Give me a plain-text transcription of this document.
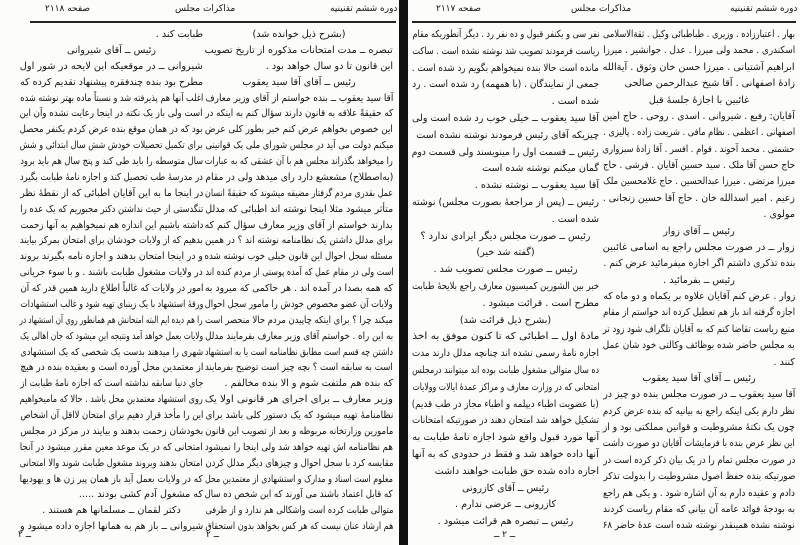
صفحه ۲۱۱۸	مذاکرات مجلس	دوره ششم تقنینیه
(بشرح ذیل خوانده شد)
تبصره ــ مدت امتحانات مذکوره از تاریخ تصویب
این قانون تا دو سال خواهد بود .
رئیس ــ آقای آقا سید یعقوب
آقا سید یعقوب ــ بنده خواستم از آقای وزیر معارف
که حقیقةً علاقه به قانون دارند سؤال کنم به اینکه در
این خصوص بخواهم عرض کنم خبر بطور کلی عرض
میکنم دولت می آید در مجلس شورای ملی یک قوانینی
را میخواهد بگذراند مجلس هم با آن عشقی که به عبارات
(به‌اصطلاح) مشعشع دارد رای میدهد ولی در مقام
عمل بقدری مردم گرفتار مضیقه میشوند که حقیقةً انسان
متأثر میشود مثلا اینجا نوشته اند اطبائی که مدلل
بدارند خواستم از آقای وزیر معارف سؤال کنم که
برای مدلل داشتن یک نظامنامه نوشته اند ؟ در همین
مسئله سجل احوال این قانون خیلی خوب نوشته شده
است ولی در مقام عمل که آمده پوستی از مردم کنده اند
که همه بصدا در آمده اند . هر حاکمی که میرود به
ولایات آن عضو مخصوص خودش را مامور سجل احوال
میکند چرا ؟ برای اینکه چاپیدن مردم حالا منحصر است
به این راه . خواستم آقای وزیر معارف بفرمایند مدلل
داشتن چه قسم است مطابق نظامنامه است یا به استشهاد
است به سابقه است ؟ بچه چیز است توضیح بفرمایند
که بنده هم ملتفت شوم و الا بنده مخالفم .
وزیر معارف ــ برای اجرای هر قانونی اولا یک
نظامنامهٔ تهیه میشود که یک دستور کلی باشد برای
مامورین وزارتخانه مربوطه و بعد از تصویب این قانون
هم نظامنامه اش تهیه خواهد شد ولی اینجا را نمیشود
مقایسه کرد با سجل احوال و چیزهای دیگر مدلل کردن
معلوم است اسناد و مدارک و استشهادی از معتمدین محل
که قابل اعتماد باشند می آورند که این شخص ده سال
متوالی طبابت کرده است واشکالی هم ندارد و از طرفی
هم ارشاد عنان نیست که هر کس بخواهد بدون استحقاق
طبابت کند .
رئیس ــ آقای شیروانی
شیروانی ــ در موقعیکه این لایحه در شور اول
مطرح بود بنده چندفقره پیشنهاد تقدیم کرده که
اغلب آنها هم پذیرفته شد و نسبتاً ماده بهتر نوشته شده
است ولی باز یک نکته در اینجا رعایت نشده وآن این
بود که در همان موقع بنده عرض کردم یکنفر محصل
برای تکمیل تحصیلات خودش شش سال ابتدائی و شش
سال متوسطه را باید طی کند و پنج سال هم باید برود
در مدرسهٔ طب تحصیل کند و اجازه نامهٔ طبابت بگیرد
در اینجا ما به این آقایان اطبائی که از نقطهٔ نظر
تنگدستی از حیث نداشتن دکتر مجبوریم که یک عده را
داشته باشیم این اندازه هم نمیخواهیم به آنها زحمت
بدهیم که از ولایات خودشان برای امتحان بمرکز بیایند
و در اینجا امتحان بدهند و اجازه نامه بگیرند بروند
در ولایات مشغول طبابت باشند . و با سوء جریانی
امور در ولایات که غالباً اطلاع دارید همین قدر که آن
ورقهٔ استشهاد با یک زینبای تهیه شود و غالب استشهادات
را هم دیده ایم البته امتحانش هم همانطور روی آن استشهاد در
ولایات بعمل خواهد آمد ونتیجه این میشود که جان اهالی یک
شهری را میدهند بدست یک شخصی که یک استشهادی
از معتمدین محل آورده است و بعقیده بنده در هیچ
جای دنیا سابقه نداشته است که اجازه نامهٔ طبابت از
روی استشهاد معتمدین محل باشد . حالا که ماميخواهیم
این را مأخذ قرار دهیم برای امتحان لااقل آن اشخاص
بخودشان زحمت بدهند و بیایند در مرکز در مجلس
امتحانی که در یک موعد معین مقرر میشود در آنجا
امتحان بدهند وبروند مشغول طبابت شوند والا امتحانی
که در ولایات بعمل آید باز همان پیر زن ها و یهودیها
که مشغول آدم کشی بودند .....
دکتر لقمان ــ مسلمانها هم هستند .
شیروانی ــ باز هم به همانها اجازه داده میشود و
۲ ــ
ــ ۲
صفحه ۲۱۱۷	مذاکرات مجلس	دوره ششم تقنینیه
بهار . اعتبارزاده . وزیری . طباطبائی وکیل . ثقة‌الاسلامی
اسکندری . محمد ولی میرزا . عدل . جوانشیر . میرزا
ابراهیم آشتیانی . میرزا حسن خان وثوق . آیة‌الله
زادهٔ اصفهانی . آقا شیخ عبدالرحمن صالحی
غائبین با اجازهٔ جلسهٔ قبل
آقایان: رفیع . شیروانی . اسدی . روحی . حاج امین
اصفهانی . اعظمی . نظام مافی . شریعت زاده . پالیزی .
حشمتی . محمد آخوند . قوام . افسر . آقا زادهٔ سبزواری
حاج حسن آقا ملک . سید حسین آقایان . فرشی . حاج
میرزا مرتضی . میرزا عبدالحسین . حاج غلامحسین ملک
زعیم . امیر اسدالله خان . حاج آقا حسین زنجانی .
مولوی .
رئیس ــ آقای زوار
زوار ــ در صورت مجلس راجع به اسامی غائبین
بنده تذکری داشتم اگر اجازه میفرمائید عرض کنم .
رئیس ــ بفرمائید .
زوار . عرض کنم آقایان علاوه بر یکماه و دو ماه که
اجازه گرفته اند باز هم تعطیل کرده اند خواستم از مقام
منیع ریاست تقاضا کنم که به آقایان تلگراف شود زود تر
به مجلس حاضر شده بوظائف وکالتی خود شان عمل
کنند .
رئیس ــ آقای آقا سید یعقوب
آقا سید یعقوب ــ در صورت مجلس بنده دو چیز در
نظر دارم یکی اینکه راجع به بیانیه که بنده عرض کردم
چون یک نکتهٔ مشروطیت و قوانین مملکتی بود و از
این نظر عرض بنده با فرمایشات آقایان دو صورت داشت
در صورت مجلس تمام را در یک بیان ذکر کرده است در
صورتیکه بنده حفظ اصول مشروطیت را بدولت تذکر
دادم و عقیده دارم به آن اشاره شود . و یکی هم راجع
به بودجهٔ فوائد عامه آن بیانی که مقام ریاست کردند
نوشته نشده همینقدر نوشته شده است عدهٔ حاضر ۶۸
نفر سی و یکنفر قبول و ده نفر رد . دیگر آنطوریکه مقام
ریاست فرمودند تصویب شد نوشته نشده است . ساکت
مانده است حالا بنده نمیخواهم بگویم رد شده است .
جمعی از نمایندگان . (با همهمه) رد شده است . رد
شده است .
آقا سید یعقوب ــ خیلی خوب رد شده است ولی
چیزیکه آقای رئیس فرمودند نوشته نشده است
رئیس ــ قسمت اول را مینویسند ولی قسمت دوم
گمان میکنم نوشته شده است
آقا سید یعقوب ــ نوشته نشده .
رئیس ــ (پس از مراجعهٔ بصورت مجلس) نوشته
شده است .
رئیس ــ صورت مجلس دیگر ایرادی ندارد ؟
(گفته شد خیر)
رئیس ــ صورت مجلس تصویب شد .
خبر بین الشورین کمیسیون معارف راجع بلایحهٔ طبابت
مطرح است . قرائت میشود .
(بشرح ذیل قرائت شد)
مادهٔ اول ــ اطبائی که تا کنون موفق به اخذ
اجازه نامهٔ رسمی نشده اند چنانچه مدلل دارند مدت
ده سال متوالی مشغول طبابت بوده اند میتوانند درمجلس
امتحانی که در وزارت معارف و مراکز عمدهٔ ایالات وولایات
(با عضویت اطباء دیپلمه و اطباء مجاز در طب قدیم)
تشکیل خواهد شد امتحان دهند در صورتیکه امتحانات
آنها مورد قبول واقع شود اجازه نامهٔ طبابت به
آنها داده خواهد شد و فقط در حدودی که به آنها
اجازه داده شده حق طبابت خواهند داشت
رئیس ــ آقای کازرونی
کازرونی ــ عرضی ندارم .
رئیس ــ تبصره هم قرائت میشود .
ــ ۲ ــ
